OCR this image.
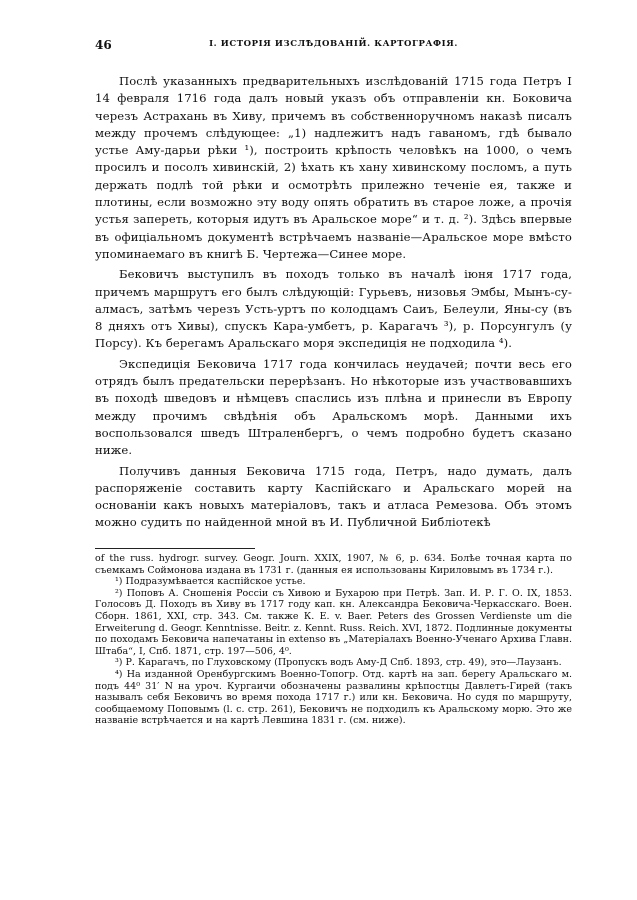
46	I. ИСТОРІЯ ИЗСЛѢДОВАНІЙ. КАРТОГРАФІЯ.

Послѣ указанныхъ предварительныхъ изслѣдованій 1715 года Петръ I 14 февраля 1716 года далъ новый указъ объ отправленіи кн. Боковича черезъ Астрахань въ Хиву, причемъ въ собственноручномъ наказѣ писалъ между прочемъ слѣдующее: „1) надлежитъ надъ гаваномъ, гдѣ бывало устье Аму-дарьи рѣки ¹), построить крѣпость человѣкъ на 1000, о чемъ просилъ и посолъ хивинскій, 2) ѣхать къ хану хивинскому посломъ, а путь держать подлѣ той рѣки и осмотрѣть прилежно теченіе ея, также и плотины, если возможно эту воду опять обратить въ старое ложе, а прочія устья запереть, которыя идутъ въ Аральское море“ и т. д. ²). Здѣсь впервые въ офиціальномъ документѣ встрѣчаемъ названіе—Аральское море вмѣсто упоминаемаго въ книгѣ Б. Чертежа—Синее море.

Бековичъ выступилъ въ походъ только въ началѣ іюня 1717 года, причемъ маршрутъ его былъ слѣдующій: Гурьевъ, низовья Эмбы, Мынъ-су-алмасъ, затѣмъ черезъ Усть-уртъ по колодцамъ Саиъ, Белеули, Яны-су (въ 8 дняхъ отъ Хивы), спускъ Кара-умбетъ, р. Карагачъ ³), р. Порсунгулъ (у Порсу). Къ берегамъ Аральскаго моря экспедиція не подходила ⁴).

Экспедиція Бековича 1717 года кончилась неудачей; почти весь его отрядъ былъ предательски перерѣзанъ. Но нѣкоторые изъ участвовавшихъ въ походѣ шведовъ и нѣмцевъ спаслись изъ плѣна и принесли въ Европу между прочимъ свѣдѣнія объ Аральскомъ морѣ. Данными ихъ воспользовался шведъ Штраленбергъ, о чемъ подробно будетъ сказано ниже.

Получивъ данныя Бековича 1715 года, Петръ, надо думать, далъ распоряженіе составить карту Каспійскаго и Аральскаго морей на основаніи какъ новыхъ матеріаловъ, такъ и атласа Ремезова. Объ этомъ можно судить по найденной мной въ И. Публичной Библіотекѣ

of the russ. hydrogr. survey. Geogr. Journ. XXIX, 1907, № 6, p. 634. Болѣе точная карта по съемкамъ Соймонова издана въ 1731 г. (данныя ея использованы Кириловымъ въ 1734 г.).

¹) Подразумѣвается каспійское устье.

²) Поповъ А. Сношенія Россіи съ Хивою и Бухарою при Петрѣ. Зап. И. Р. Г. О. IX, 1853. Голосовъ Д. Походъ въ Хиву въ 1717 году кап. кн. Александра Бековича-Черкасскаго. Воен. Сборн. 1861, XXI, стр. 343. См. также К. Е. v. Baer. Peters des Grossen Verdienste um die Erweiterung d. Geogr. Kenntnisse. Beitr. z. Kennt. Russ. Reich. XVI, 1872. Подлинные документы по походамъ Бековича напечатаны in extenso въ „Матеріалахъ Военно-Ученаго Архива Главн. Штаба“, I, Спб. 1871, стр. 197—506, 4⁰.

³) Р. Карагачъ, по Глуховскому (Пропускъ водъ Аму-Д Спб. 1893, стр. 49), это—Лаузанъ.

⁴) На изданной Оренбургскимъ Военно-Топогр. Отд. картѣ на зап. берегу Аральскаго м. подъ 44⁰ 31′ N на уроч. Кургаичи обозначены развалины крѣпостцы Давлетъ-Гирей (такъ называлъ себя Бековичъ во время похода 1717 г.) или кн. Бековича. Но судя по маршруту, сообщаемому Поповымъ (l. c. стр. 261), Бековичъ не подходилъ къ Аральскому морю. Это же названіе встрѣчается и на картѣ Левшина 1831 г. (см. ниже).
